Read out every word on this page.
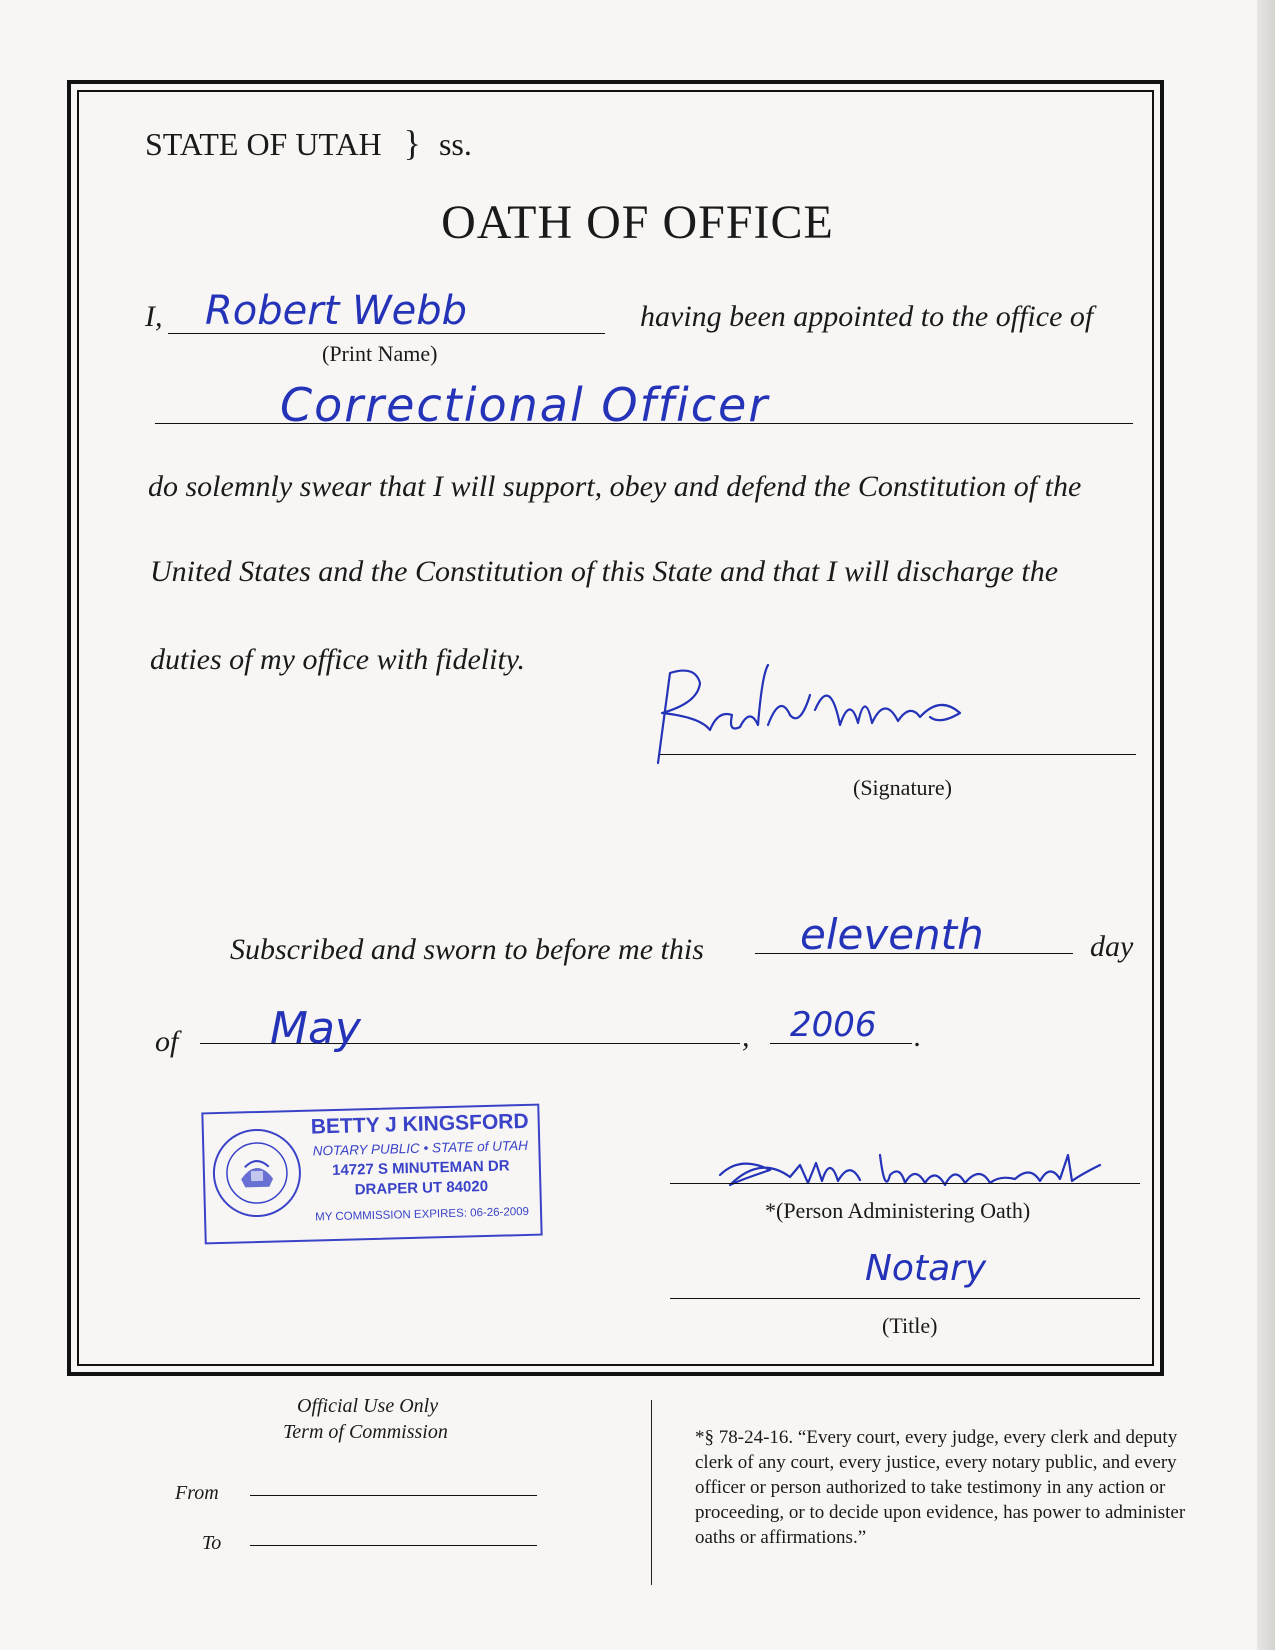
STATE OF UTAH } ss.
OATH OF OFFICE
I, Robert Webb
(Print Name)
having been appointed to the office of
Correctional Officer
do solemnly swear that I will support, obey and defend the Constitution of the
United States and the Constitution of this State and that I will discharge the
duties of my office with fidelity.
(Signature)
Subscribed and sworn to before me this eleventh	day
of May	, 2006 .
BETTY J KINGSFORD
NOTARY PUBLIC • STATE of UTAH
14727 S MINUTEMAN DR
DRAPER UT 84020
MY COMMISSION EXPIRES: 06-26-2009	*(Person Administering Oath)
Notary
(Title)
Official Use Only
Term of Commission
From
To
*§ 78-24-16. “Every court, every judge, every clerk and deputy clerk of any court, every justice, every notary public, and every officer or person authorized to take testimony in any action or proceeding, or to decide upon evidence, has power to administer oaths or affirmations.”
